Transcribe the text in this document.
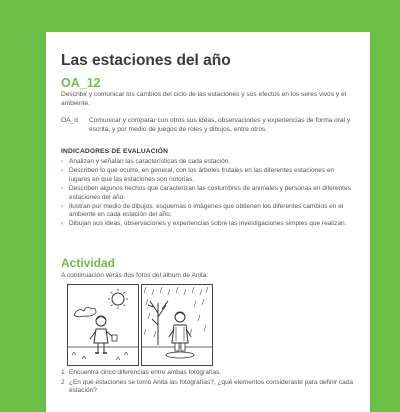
Las estaciones del año
OA_12
Describir y comunicar los cambios del ciclo de las estaciones y sus efectos en los seres vivos y el ambiente.
OA_d Comunicar y comparar con otros sus ideas, observaciones y experiencias de forma oral y escrita, y por medio de juegos de roles y dibujos, entre otros.
INDICADORES DE EVALUACIÓN
› Analizan y señalan las características de cada estación.
› Describen lo que ocurre, en general, con los árboles frutales en las diferentes estaciones en lugares en que las estaciones son notorias.
› Describen algunos hechos que caracterizan las costumbres de animales y personas en diferentes estaciones del año.
› Ilustran por medio de dibujos, esquemas o imágenes que obtienen los diferentes cambios en el ambiente en cada estación del año.
› Dibujan sus ideas, observaciones y experiencias sobre las investigaciones simples que realizan.
Actividad
A continuación verás dos fotos del álbum de Anita:
1 Encuentra cinco diferencias entre ambas fotografías.
2 ¿En qué estaciones se tomó Anita las fotografías?, ¿qué elementos consideraste para definir cada estación?
